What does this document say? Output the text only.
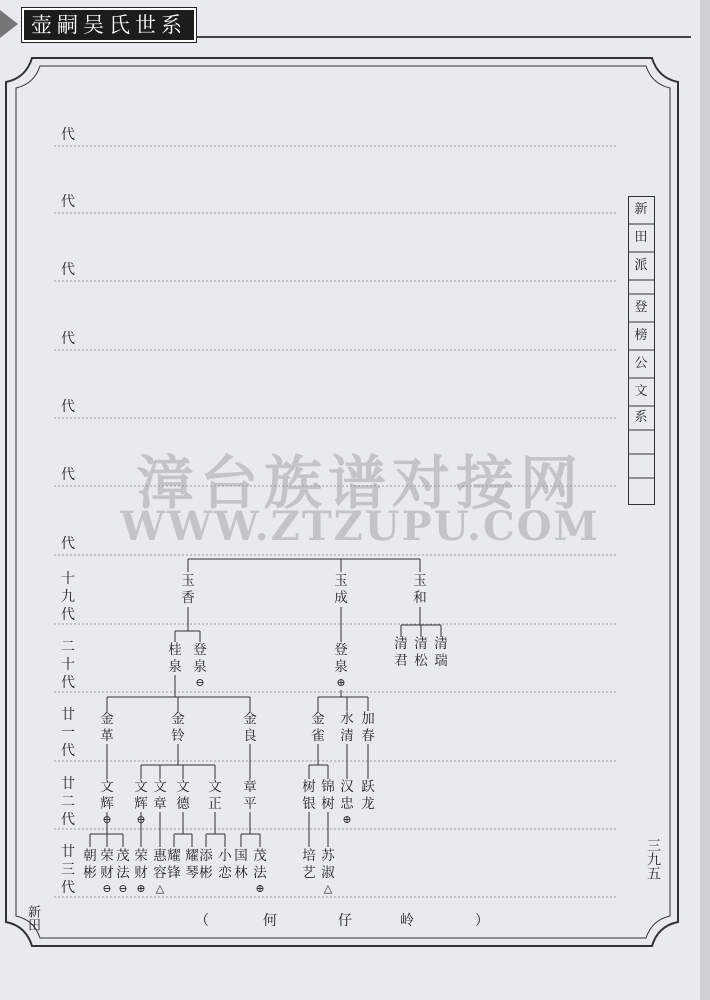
壶嗣吴氏世系
代
代
代
代
代
代
代
十九代
二十代
廿一代
廿二代
廿三代
新
田
派
登
榜
公
文
系
漳台族谱对接网
WWW.ZTZUPU.COM
玉
香
玉
成
玉
和
桂
泉
登
泉
⊖
登
泉
⊕
清
君
清
松
清
瑞
金
革
金
铃
金
良
金
雀
水
清
加
春
文
辉
⊕
文
辉
⊖
文
章
文
德
文
正
章
平
树
银
锦
树
汉
忠
⊕
跃
龙
朝
彬
荣
财
⊖
茂
法
⊖
荣
财
⊕
惠
容
△
耀
锋
耀
琴
添
彬
小
恋
国
林
茂
法
⊕
培
艺
苏
淑
△
三九五
新田	（	何	仔	岭	）
